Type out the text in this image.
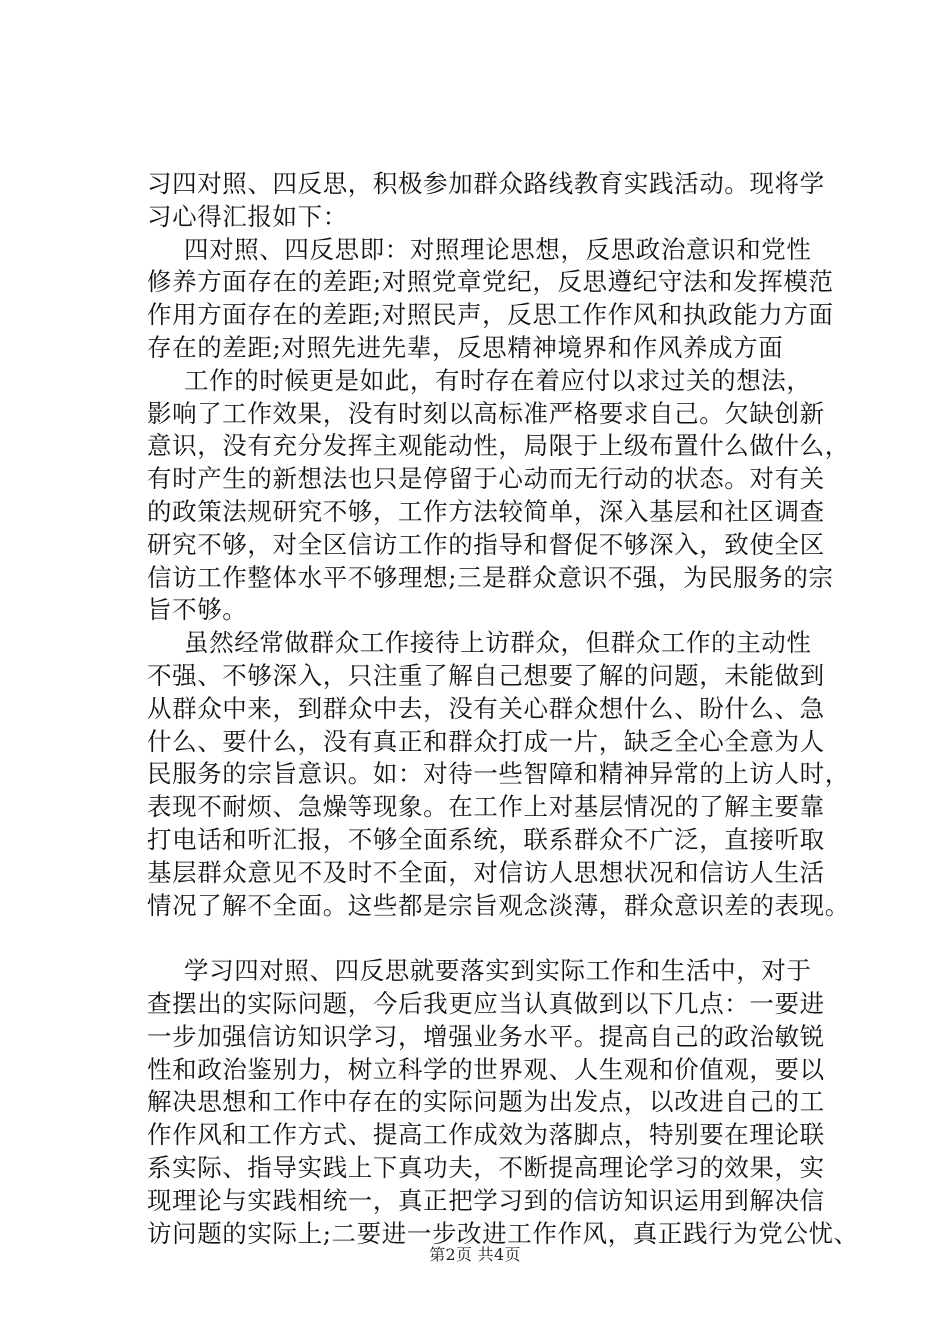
习四对照、四反思，积极参加群众路线教育实践活动。现将学
习心得汇报如下：
四对照、四反思即：对照理论思想，反思政治意识和党性
修养方面存在的差距;对照党章党纪，反思遵纪守法和发挥模范
作用方面存在的差距;对照民声，反思工作作风和执政能力方面
存在的差距;对照先进先辈，反思精神境界和作风养成方面
工作的时候更是如此，有时存在着应付以求过关的想法，
影响了工作效果，没有时刻以高标准严格要求自己。欠缺创新
意识，没有充分发挥主观能动性，局限于上级布置什么做什么，
有时产生的新想法也只是停留于心动而无行动的状态。对有关
的政策法规研究不够，工作方法较简单，深入基层和社区调查
研究不够，对全区信访工作的指导和督促不够深入，致使全区
信访工作整体水平不够理想;三是群众意识不强，为民服务的宗
旨不够。
虽然经常做群众工作接待上访群众，但群众工作的主动性
不强、不够深入，只注重了解自己想要了解的问题，未能做到
从群众中来，到群众中去，没有关心群众想什么、盼什么、急
什么、要什么，没有真正和群众打成一片，缺乏全心全意为人
民服务的宗旨意识。如：对待一些智障和精神异常的上访人时，
表现不耐烦、急燥等现象。在工作上对基层情况的了解主要靠
打电话和听汇报，不够全面系统，联系群众不广泛，直接听取
基层群众意见不及时不全面，对信访人思想状况和信访人生活
情况了解不全面。这些都是宗旨观念淡薄，群众意识差的表现。
学习四对照、四反思就要落实到实际工作和生活中，对于
查摆出的实际问题，今后我更应当认真做到以下几点：一要进
一步加强信访知识学习，增强业务水平。提高自己的政治敏锐
性和政治鉴别力，树立科学的世界观、人生观和价值观，要以
解决思想和工作中存在的实际问题为出发点，以改进自己的工
作作风和工作方式、提高工作成效为落脚点，特别要在理论联
系实际、指导实践上下真功夫，不断提高理论学习的效果，实
现理论与实践相统一，真正把学习到的信访知识运用到解决信
访问题的实际上;二要进一步改进工作作风，真正践行为党公忧、
第2页 共4页
